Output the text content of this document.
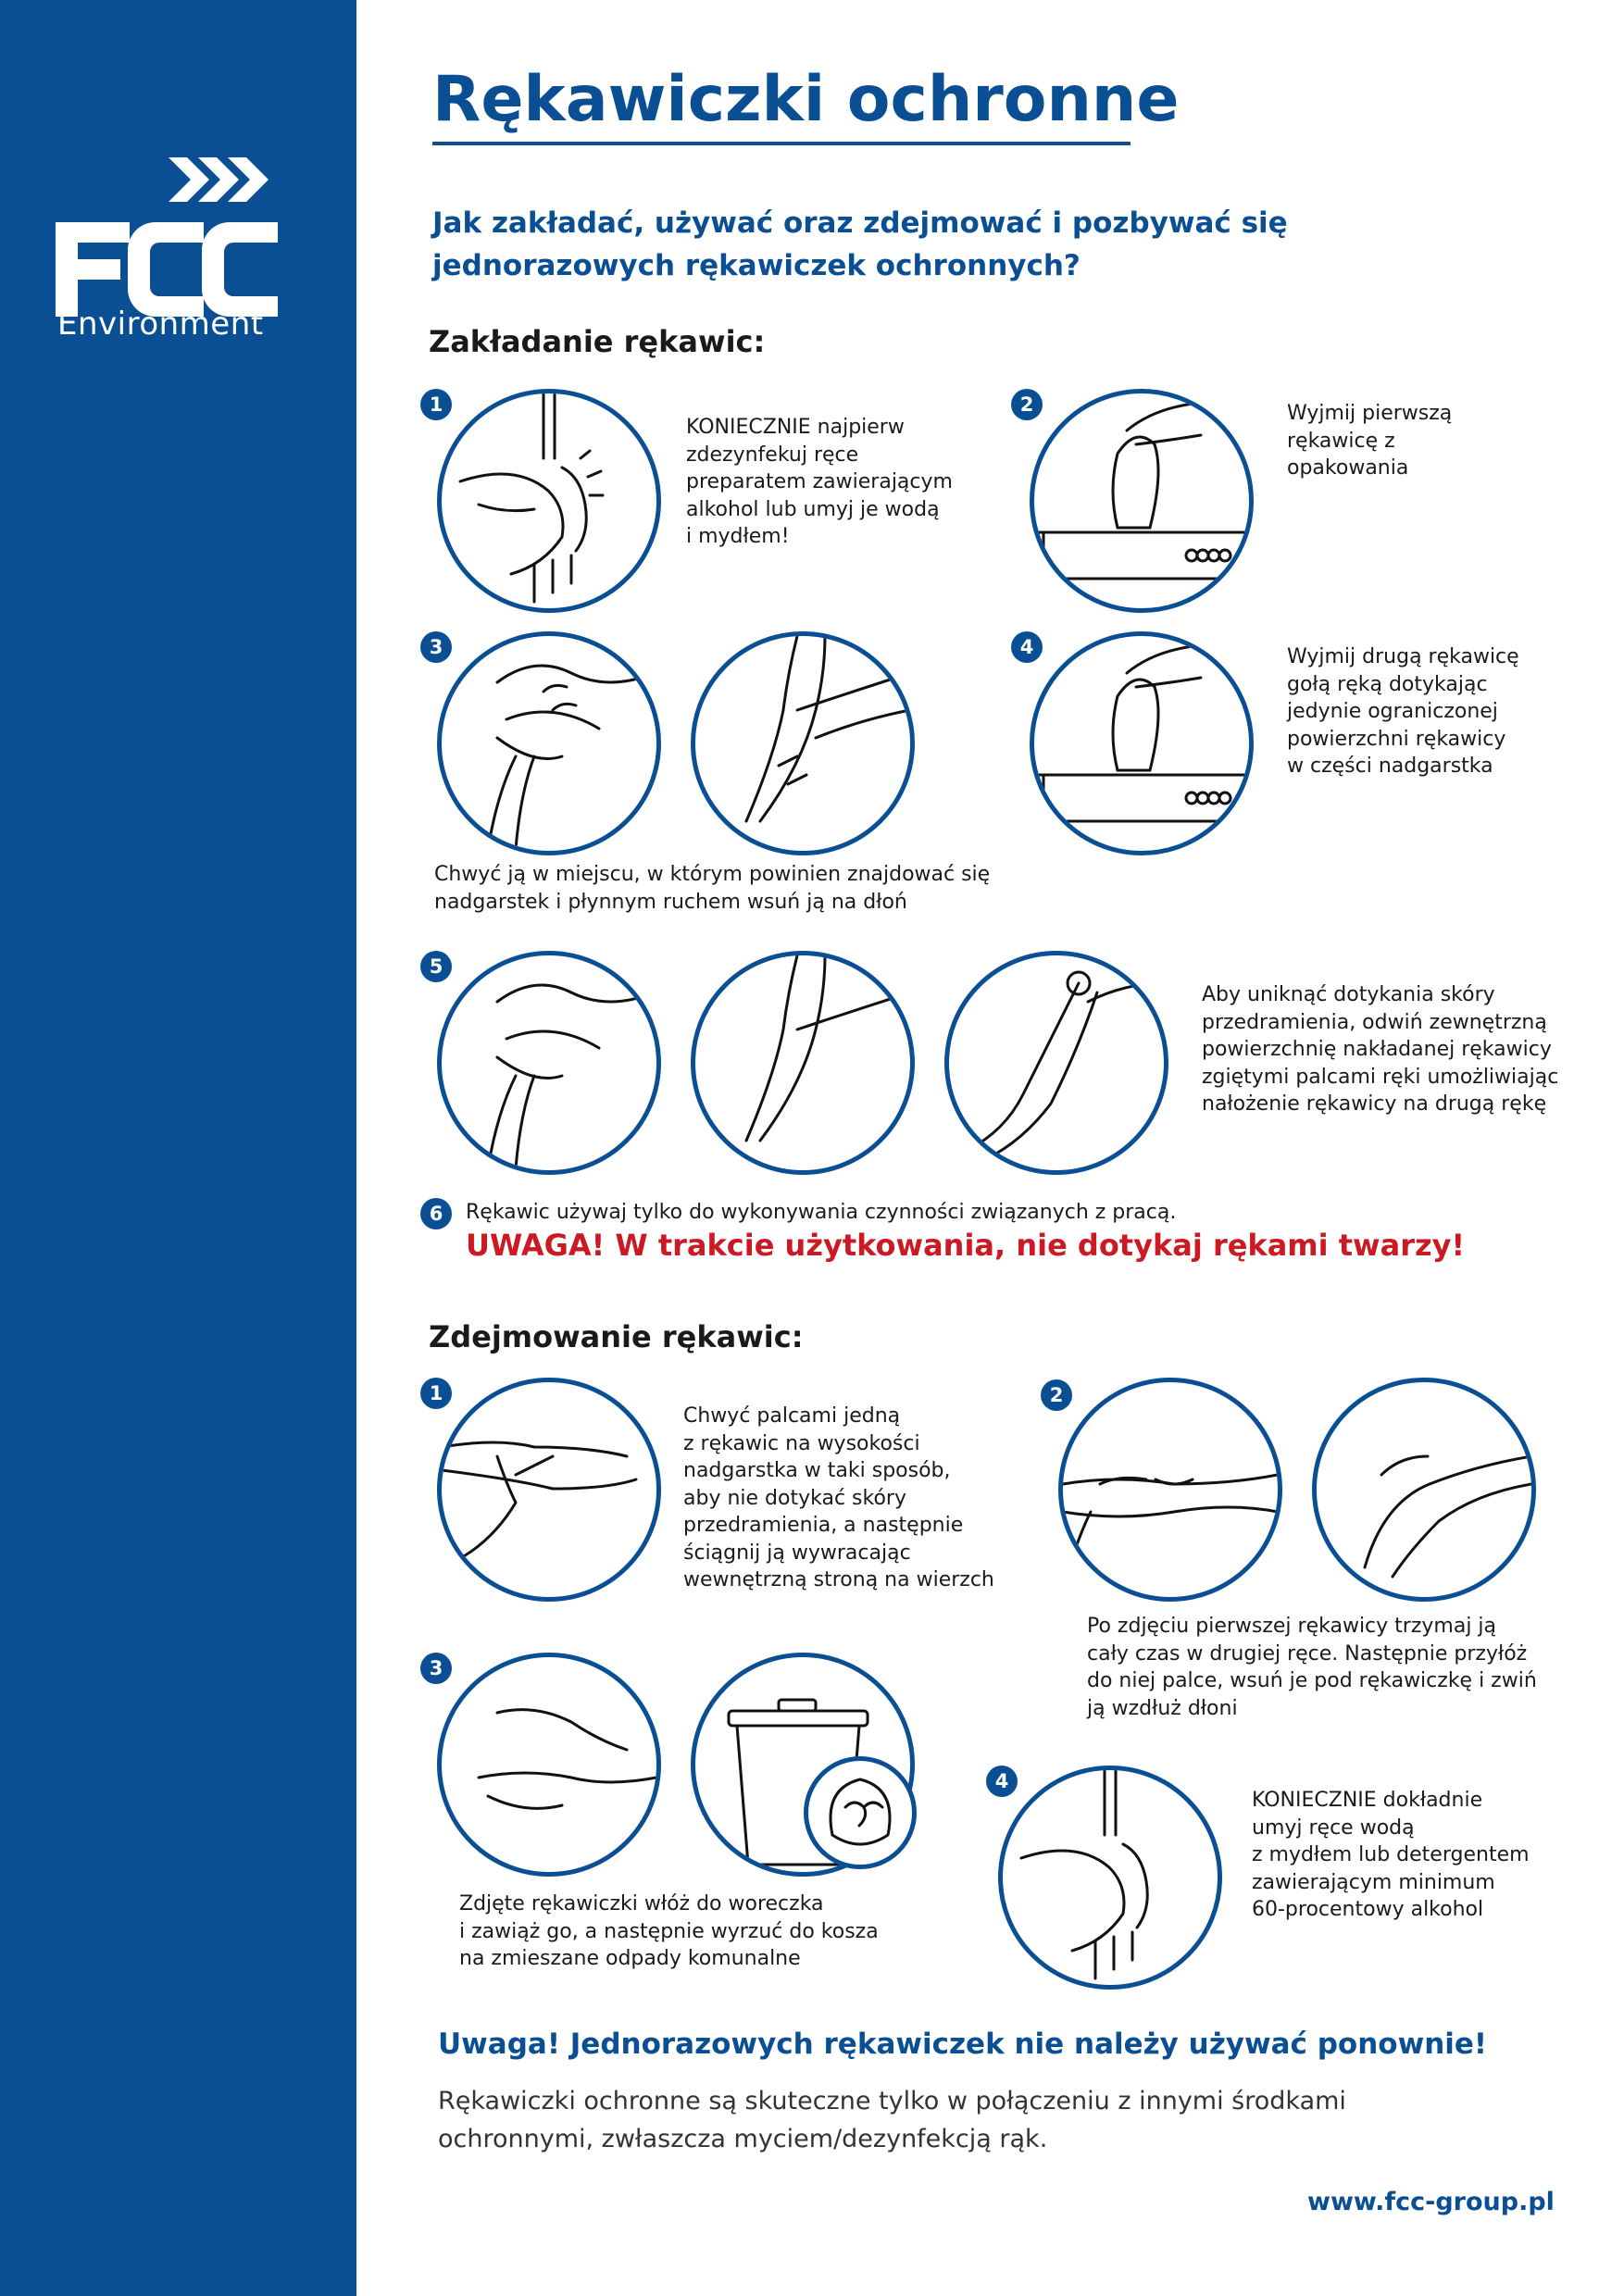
Environment
Rękawiczki ochronne

Jak zakładać, używać oraz zdejmować i pozbywać się jednorazowych rękawiczek ochronnych?

Zakładanie rękawic:
1
KONIECZNIE najpierw
zdezynfekuj ręce
preparatem zawierającym
alkohol lub umyj je wodą
i mydłem!
2	Wyjmij pierwszą
rękawicę z
opakowania
3
Chwyć ją w miejscu, w którym powinien znajdować się
nadgarstek i płynnym ruchem wsuń ją na dłoń
4	Wyjmij drugą rękawicę
gołą ręką dotykając
jedynie ograniczonej
powierzchni rękawicy
w części nadgarstka
5
Aby uniknąć dotykania skóry
przedramienia, odwiń zewnętrzną
powierzchnię nakładanej rękawicy
zgiętymi palcami ręki umożliwiając
nałożenie rękawicy na drugą rękę
6	Rękawic używaj tylko do wykonywania czynności związanych z pracą.
UWAGA! W trakcie użytkowania, nie dotykaj rękami twarzy!
Zdejmowanie rękawic:
1
Chwyć palcami jedną
z rękawic na wysokości
nadgarstka w taki sposób,
aby nie dotykać skóry
przedramienia, a następnie
ściągnij ją wywracając
wewnętrzną stroną na wierzch
2
Po zdjęciu pierwszej rękawicy trzymaj ją
cały czas w drugiej ręce. Następnie przyłóż
do niej palce, wsuń je pod rękawiczkę i zwiń
ją wzdłuż dłoni
3
Zdjęte rękawiczki włóż do woreczka
i zawiąż go, a następnie wyrzuć do kosza
na zmieszane odpady komunalne
4
KONIECZNIE dokładnie
umyj ręce wodą
z mydłem lub detergentem
zawierającym minimum
60-procentowy alkohol
Uwaga! Jednorazowych rękawiczek nie należy używać ponownie!
Rękawiczki ochronne są skuteczne tylko w połączeniu z innymi środkami ochronnymi, zwłaszcza myciem/dezynfekcją rąk.
www.fcc-group.pl
